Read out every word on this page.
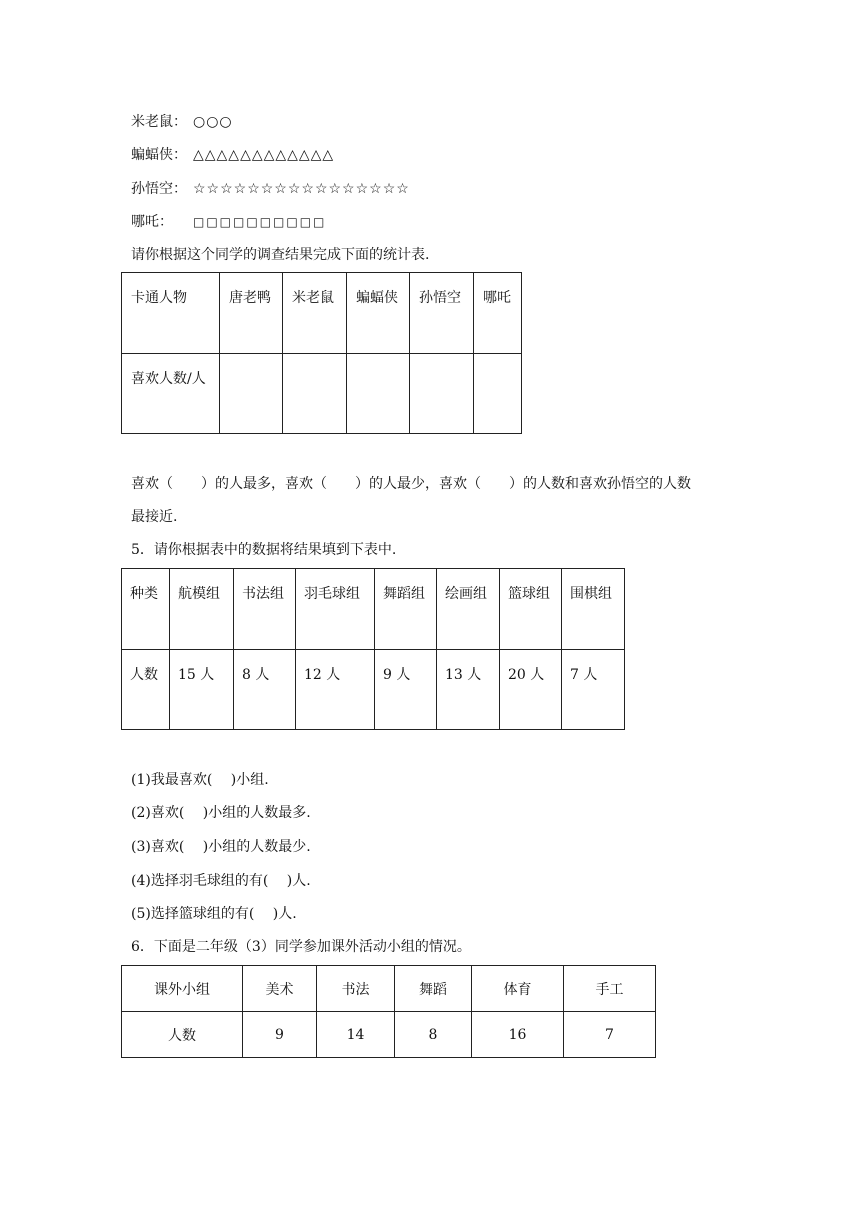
米老鼠： ○○○
蝙蝠侠： △△△△△△△△△△△△
孙悟空： ☆☆☆☆☆☆☆☆☆☆☆☆☆☆☆☆
哪吒： □□□□□□□□□□
请你根据这个同学的调查结果完成下面的统计表.
卡通人物	唐老鸭	米老鼠	蝙蝠侠	孙悟空	哪吒
喜欢人数/人					
喜欢（　　）的人最多，喜欢（　　）的人最少，喜欢（　　）的人数和喜欢孙悟空的人数
最接近.
5．请你根据表中的数据将结果填到下表中.
种类	航模组	书法组	羽毛球组	舞蹈组	绘画组	篮球组	围棋组
人数	15 人	8 人	12 人	9 人	13 人	20 人	7 人
(1)我最喜欢(　 )小组.
(2)喜欢(　 )小组的人数最多.
(3)喜欢(　 )小组的人数最少.
(4)选择羽毛球组的有(　 )人.
(5)选择篮球组的有(　 )人.
6．下面是二年级（3）同学参加课外活动小组的情况。
课外小组	美术	书法	舞蹈	体育	手工
人数	9	14	8	16	7
